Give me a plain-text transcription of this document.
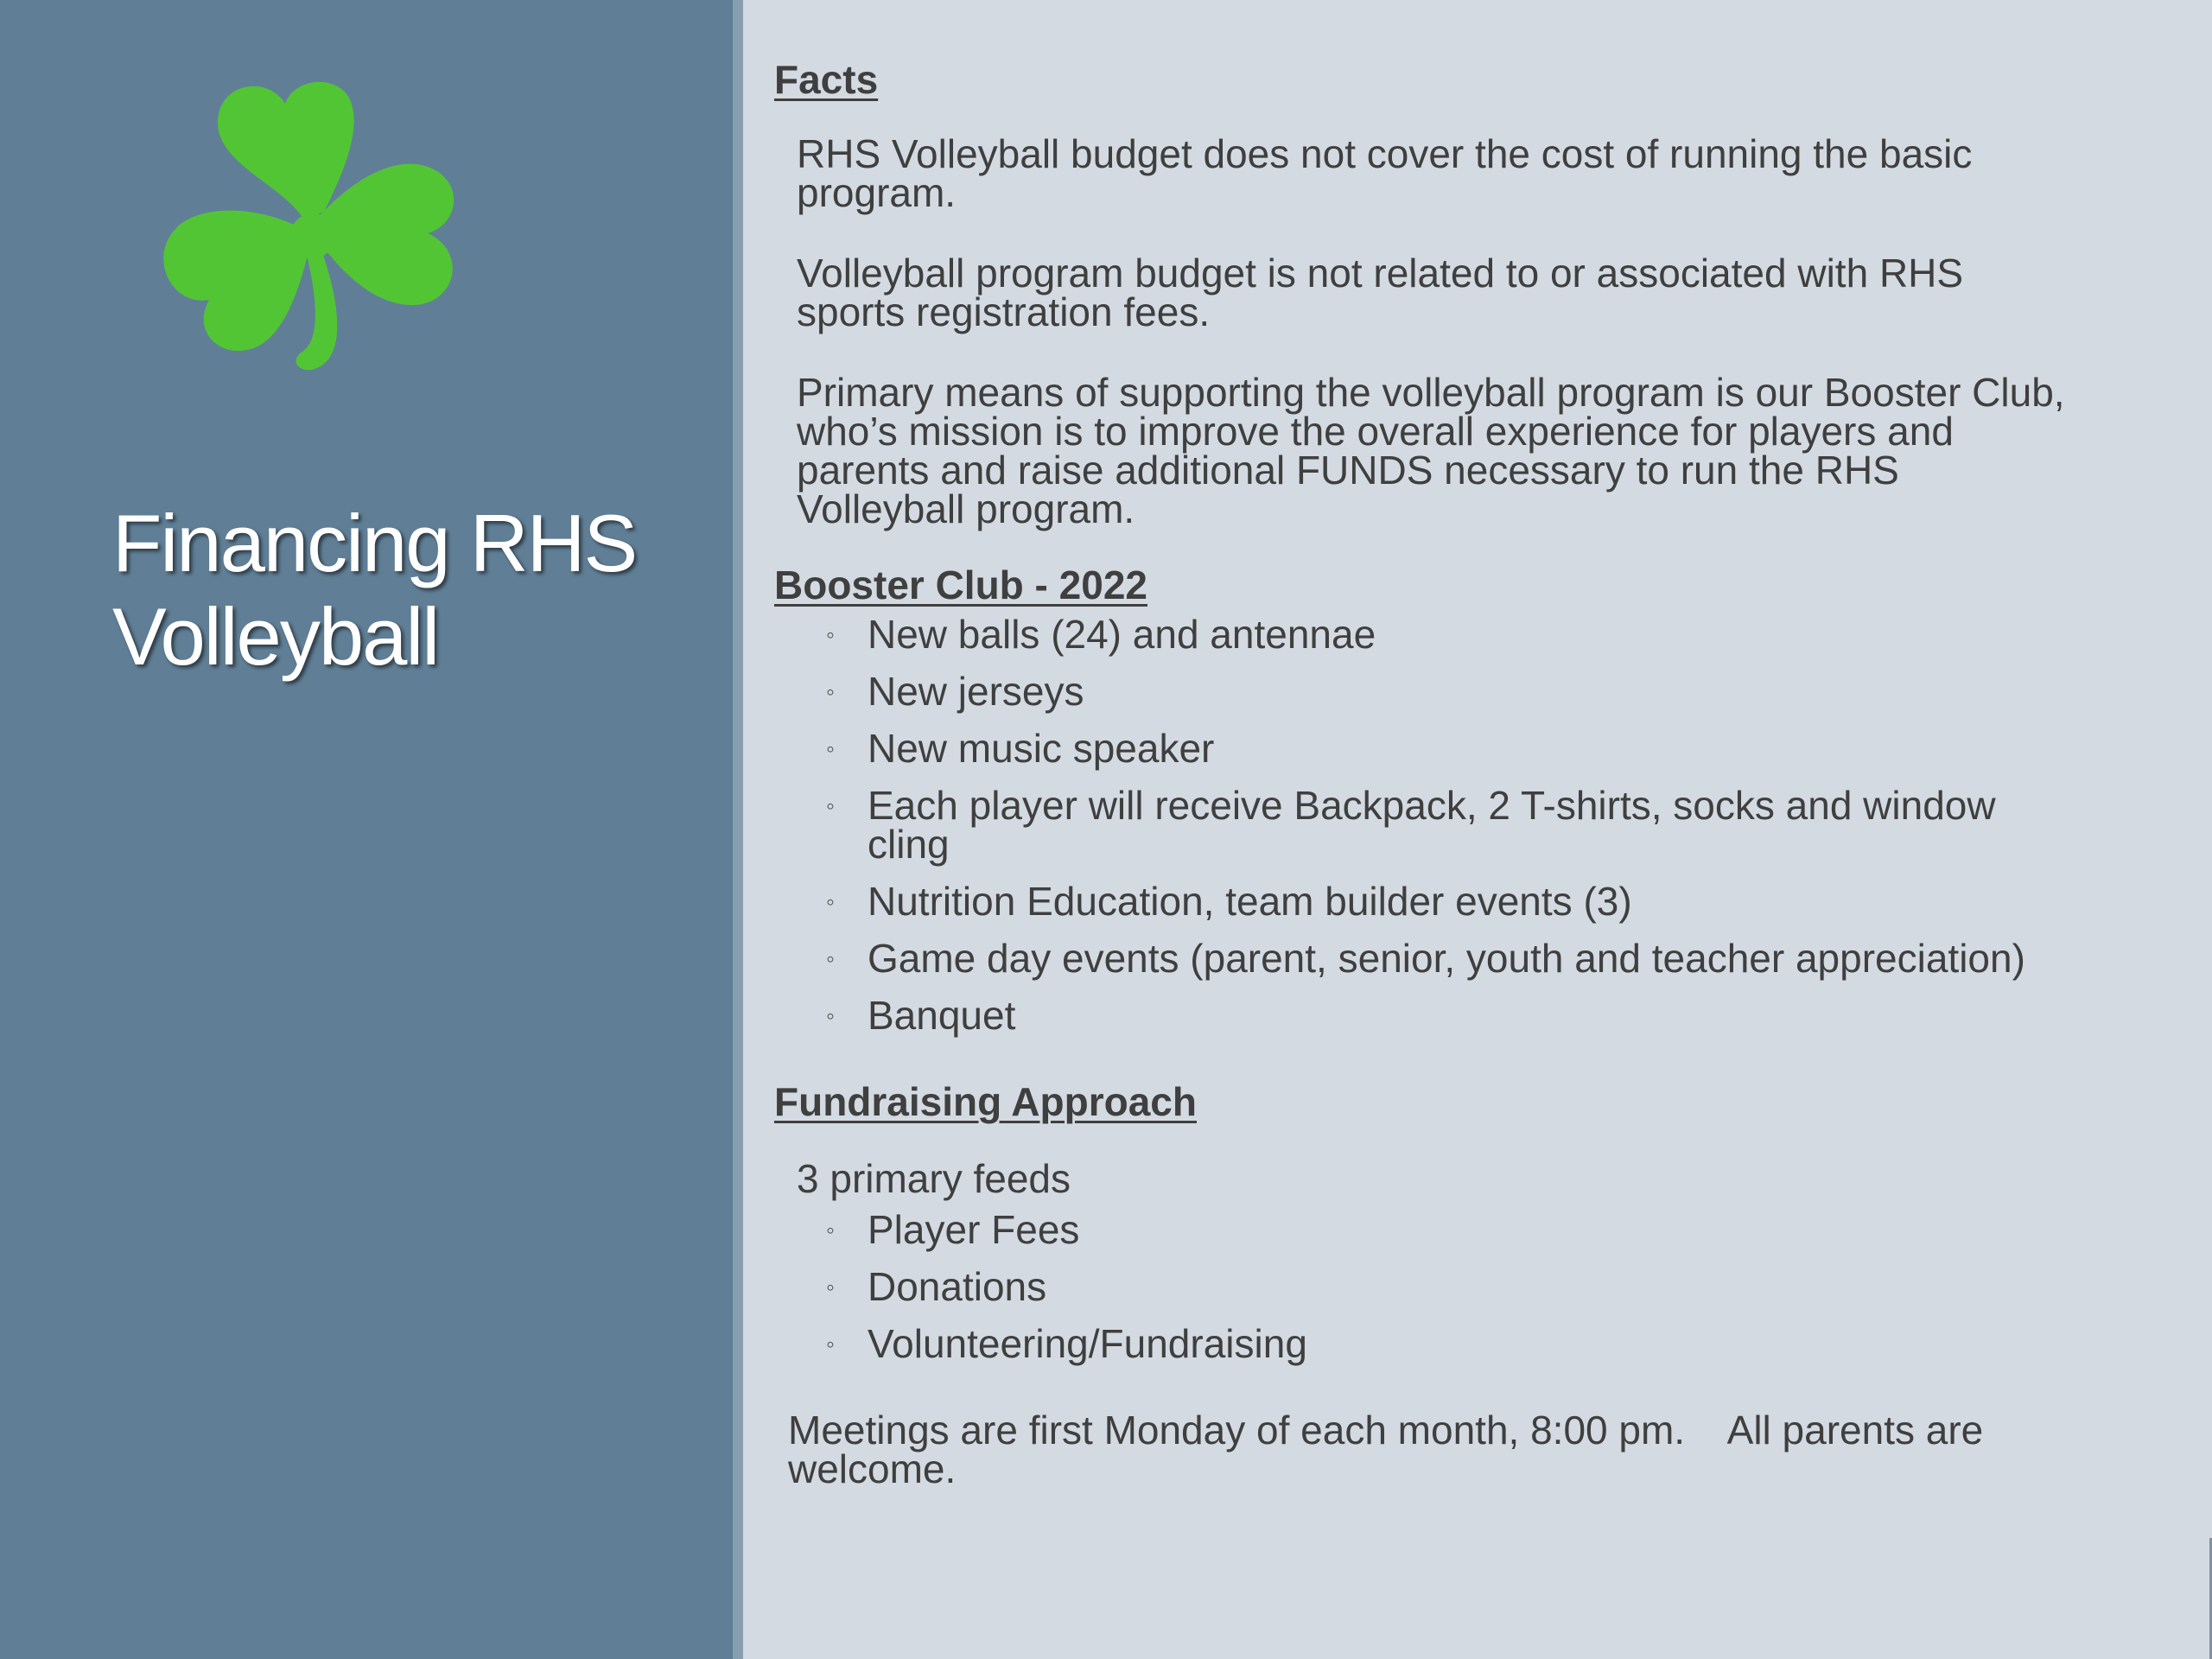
Financing RHS
Volleyball
Facts

RHS Volleyball budget does not cover the cost of running the basic program.

Volleyball program budget is not related to or associated with RHS sports registration fees.

Primary means of supporting the volleyball program is our Booster Club, who’s mission is to improve the overall experience for players and parents and raise additional FUNDS necessary to run the RHS Volleyball program.

Booster Club - 2022
◦ New balls (24) and antennae
◦ New jerseys
◦ New music speaker
◦ Each player will receive Backpack, 2 T-shirts, socks and window cling
◦ Nutrition Education, team builder events (3)
◦ Game day events (parent, senior, youth and teacher appreciation)
◦ Banquet
Fundraising Approach

3 primary feeds

◦ Player Fees
◦ Donations
◦ Volunteering/Fundraising

Meetings are first Monday of each month, 8:00 pm.    All parents are welcome.
